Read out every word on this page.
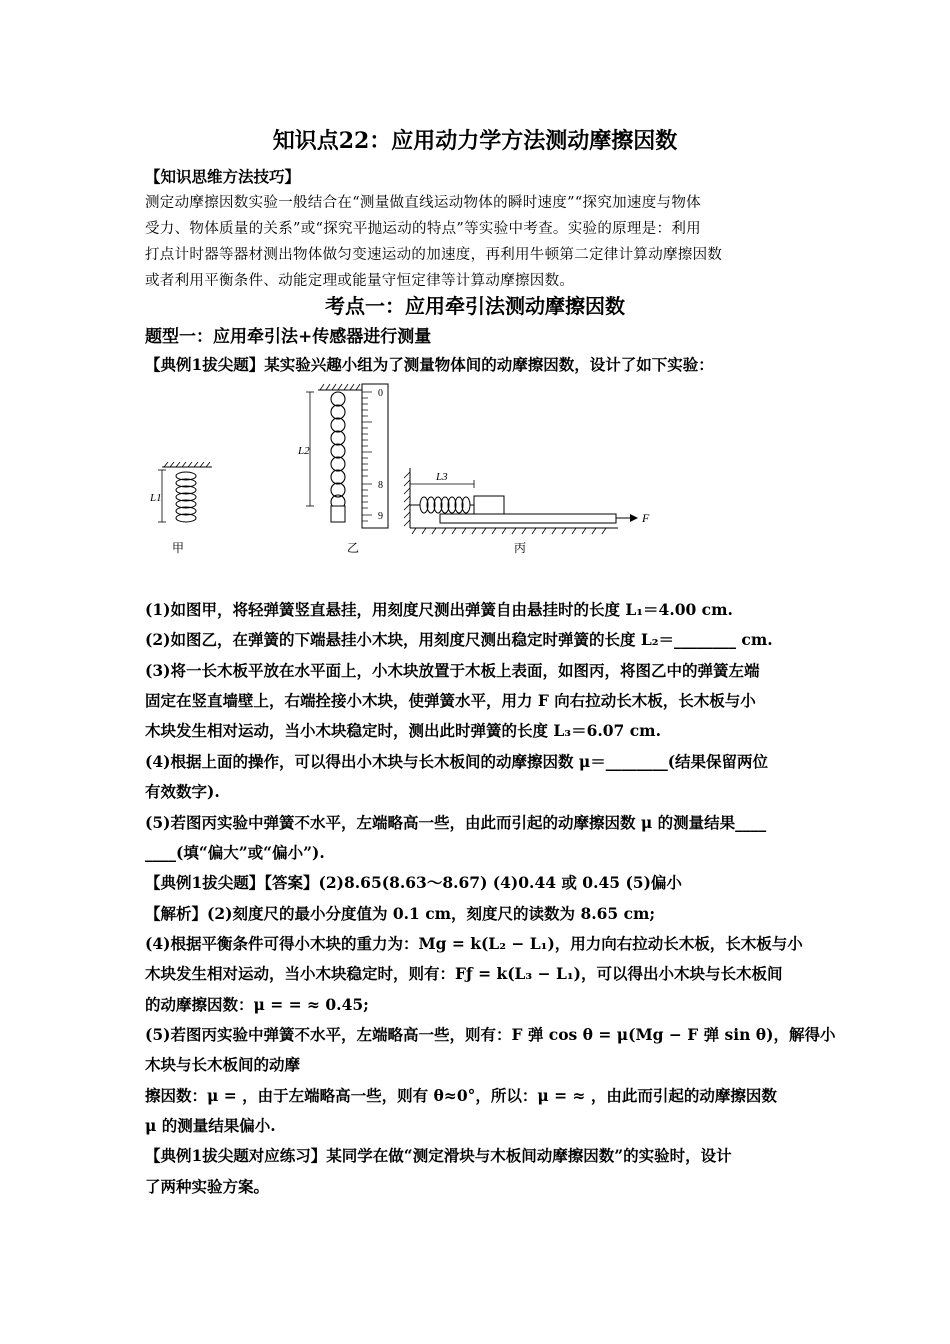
知识点22：应用动力学方法测动摩擦因数
【知识思维方法技巧】
测定动摩擦因数实验一般结合在“测量做直线运动物体的瞬时速度”“探究加速度与物体
受力、物体质量的关系”或“探究平抛运动的特点”等实验中考查。实验的原理是：利用
打点计时器等器材测出物体做匀变速运动的加速度，再利用牛顿第二定律计算动摩擦因数
或者利用平衡条件、动能定理或能量守恒定律等计算动摩擦因数。
考点一：应用牵引法测动摩擦因数
题型一：应用牵引法+传感器进行测量
【典例1拔尖题】某实验兴趣小组为了测量物体间的动摩擦因数，设计了如下实验：
L1
甲
L2
0
8
9
乙
L3
F
丙
(1)如图甲，将轻弹簧竖直悬挂，用刻度尺测出弹簧自由悬挂时的长度 L₁＝4.00 cm.
(2)如图乙，在弹簧的下端悬挂小木块，用刻度尺测出稳定时弹簧的长度 L₂＝________ cm.
(3)将一长木板平放在水平面上，小木块放置于木板上表面，如图丙，将图乙中的弹簧左端
固定在竖直墙壁上，右端拴接小木块，使弹簧水平，用力 F 向右拉动长木板，长木板与小
木块发生相对运动，当小木块稳定时，测出此时弹簧的长度 L₃＝6.07 cm.
(4)根据上面的操作，可以得出小木块与长木板间的动摩擦因数 μ＝________(结果保留两位
有效数字).
(5)若图丙实验中弹簧不水平，左端略高一些，由此而引起的动摩擦因数 μ 的测量结果____
____(填“偏大”或“偏小”).
【典例1拔尖题】【答案】(2)8.65(8.63～8.67) (4)0.44 或 0.45 (5)偏小
【解析】(2)刻度尺的最小分度值为 0.1 cm，刻度尺的读数为 8.65 cm;
(4)根据平衡条件可得小木块的重力为：Mg = k(L₂ − L₁)，用力向右拉动长木板，长木板与小
木块发生相对运动，当小木块稳定时，则有：Fƒ = k(L₃ − L₁)，可以得出小木块与长木板间
的动摩擦因数：μ = = ≈ 0.45;
(5)若图丙实验中弹簧不水平，左端略高一些，则有：F 弹 cos θ = μ(Mg − F 弹 sin θ)，解得小
木块与长木板间的动摩
擦因数：μ = ，由于左端略高一些，则有 θ≈0°，所以：μ = ≈ ，由此而引起的动摩擦因数
μ 的测量结果偏小.
【典例1拔尖题对应练习】某同学在做“测定滑块与木板间动摩擦因数”的实验时，设计
了两种实验方案。
